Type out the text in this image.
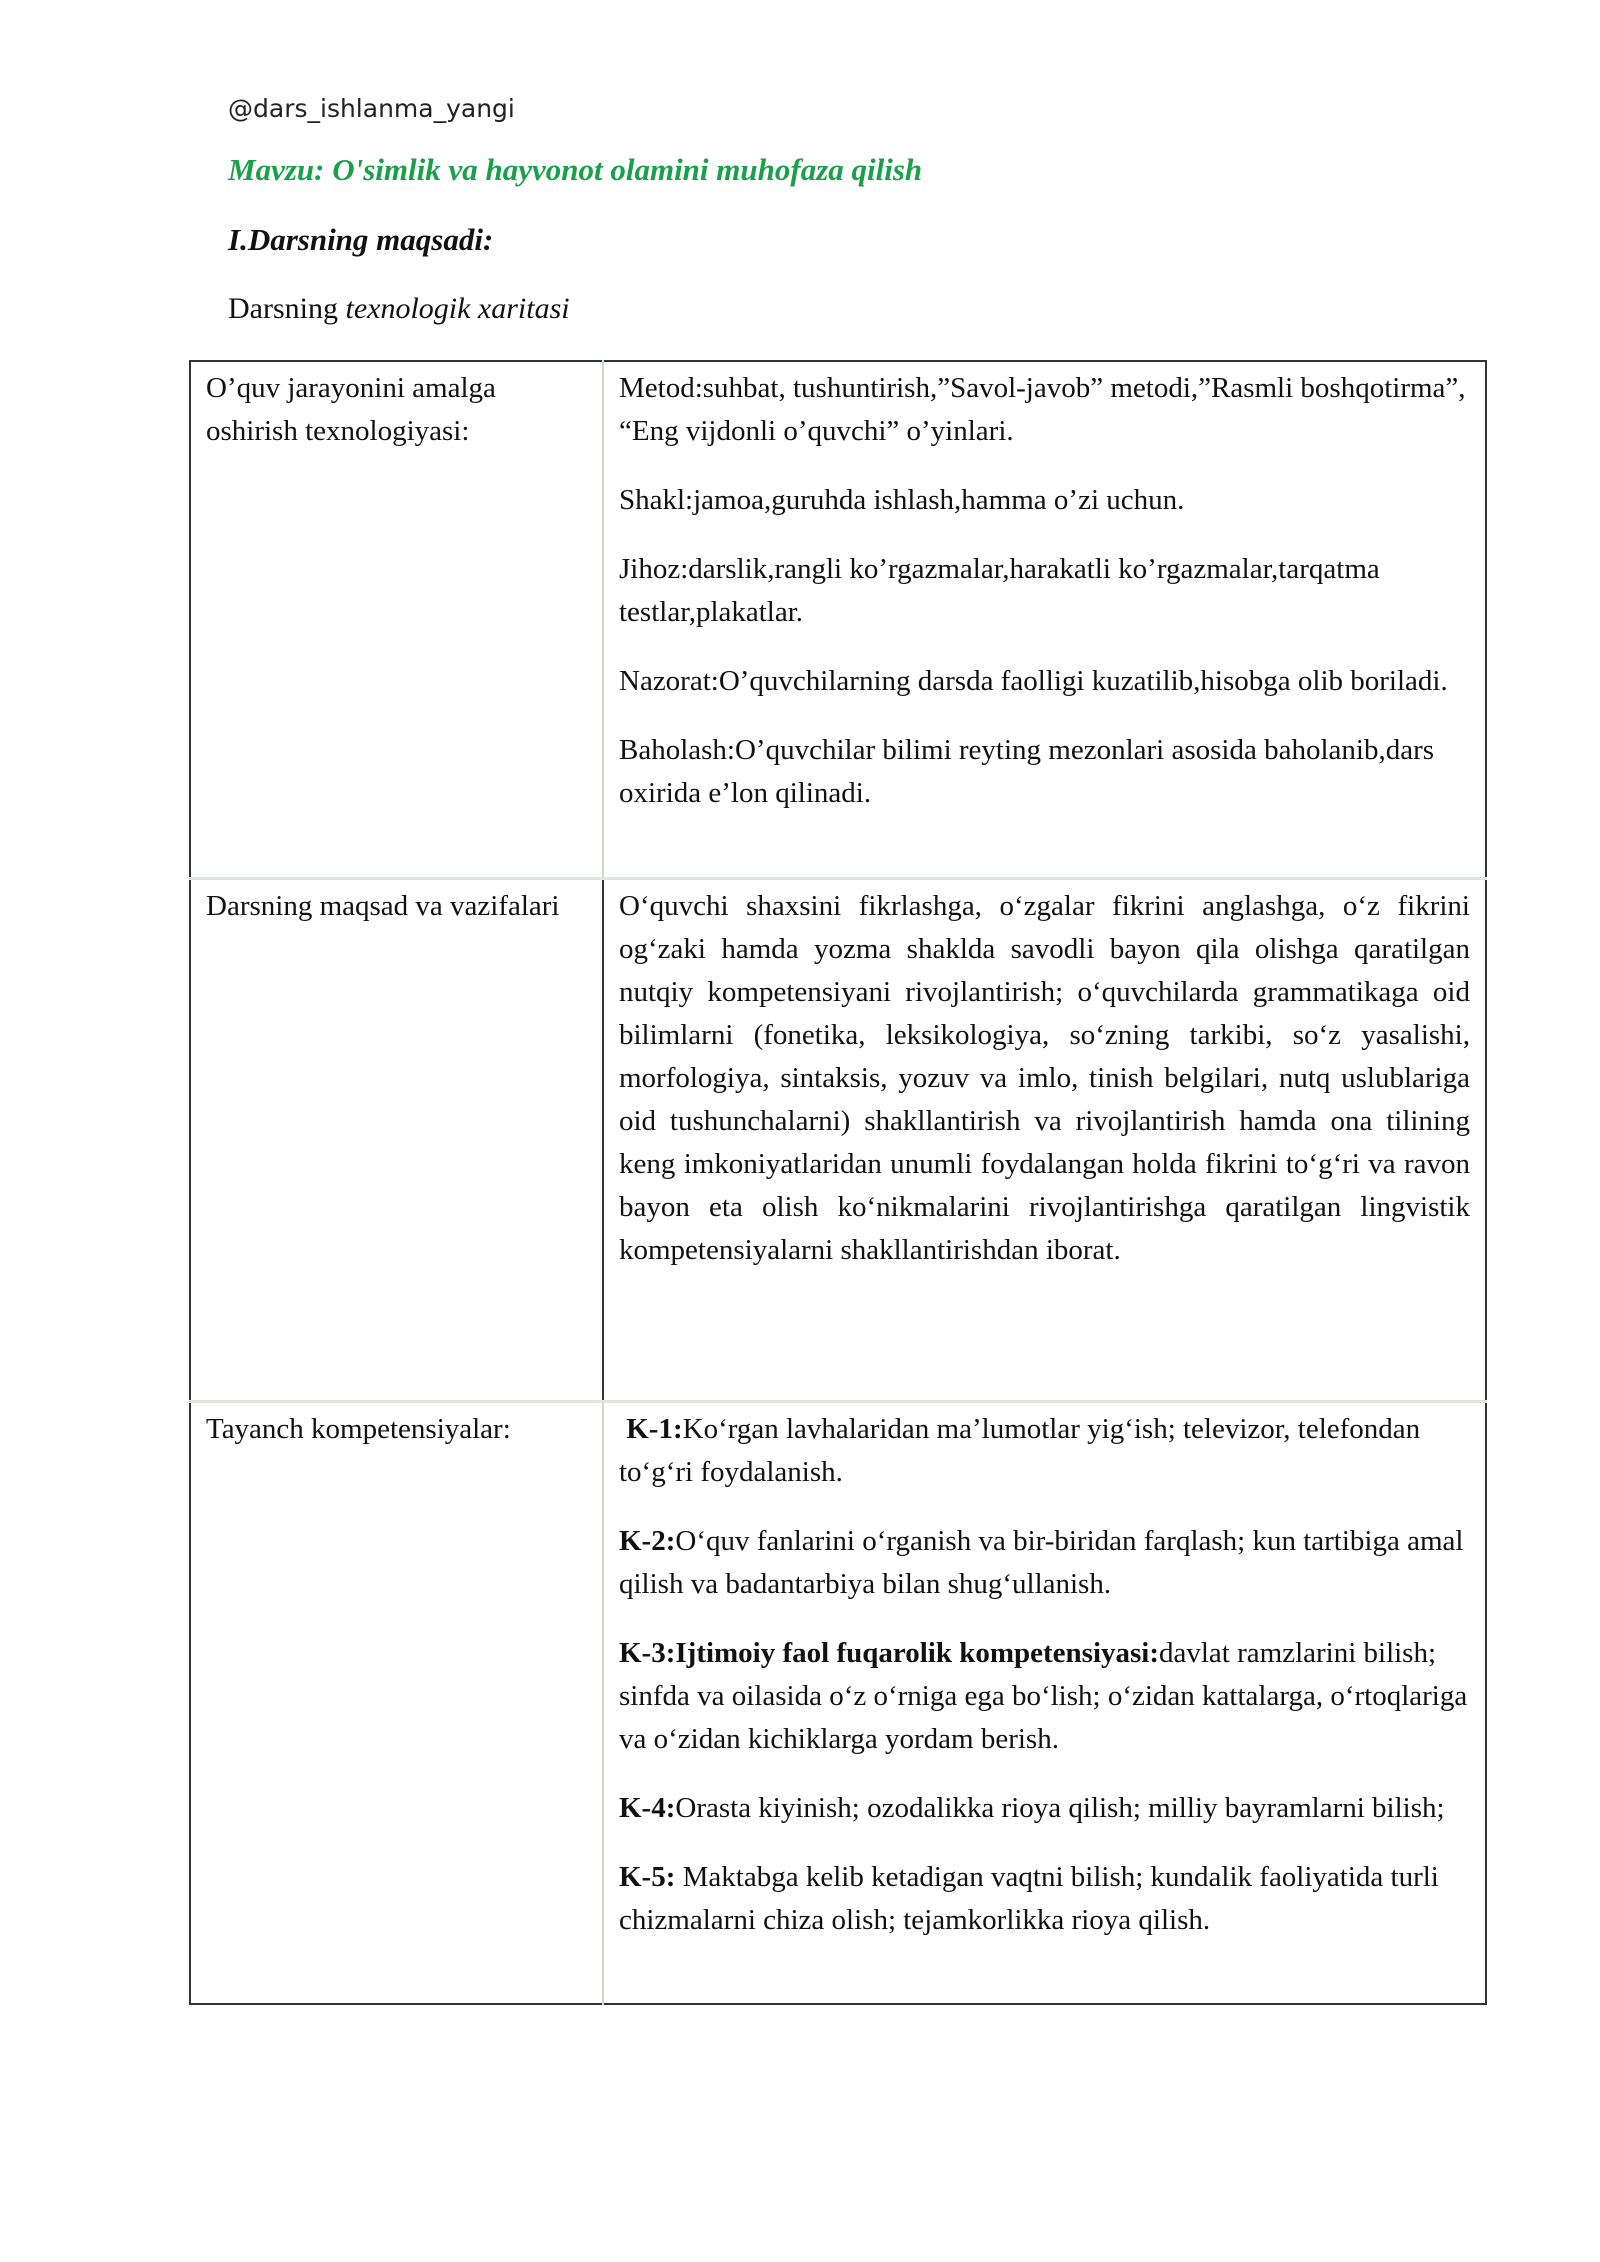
@dars_ishlanma_yangi
Mavzu: O'simlik va hayvonot olamini muhofaza qilish
I.Darsning maqsadi:
Darsning texnologik xaritasi
O’quv jarayonini amalga oshirish texnologiyasi:	Metod:suhbat, tushuntirish,”Savol-javob” metodi,”Rasmli boshqotirma”, “Eng vijdonli o’quvchi” o’yinlari.

Shakl:jamoa,guruhda ishlash,hamma o’zi uchun.

Jihoz:darslik,rangli ko’rgazmalar,harakatli ko’rgazmalar,tarqatma testlar,plakatlar.

Nazorat:O’quvchilarning darsda faolligi kuzatilib,hisobga olib boriladi.

Baholash:O’quvchilar bilimi reyting mezonlari asosida baholanib,dars oxirida e’lon qilinadi.

Darsning maqsad va vazifalari	O‘quvchi shaxsini fikrlashga, o‘zgalar fikrini anglashga, o‘z fikrini og‘zaki hamda yozma shaklda savodli bayon qila olishga qaratilgan nutqiy kompetensiyani rivojlantirish; o‘quvchilarda grammatikaga oid bilimlarni (fonetika, leksikologiya, so‘zning tarkibi, so‘z yasalishi, morfologiya, sintaksis, yozuv va imlo, tinish belgilari, nutq uslublariga oid tushunchalarni) shakllantirish va rivojlantirish hamda ona tilining keng imkoniyatlaridan unumli foydalangan holda fikrini to‘g‘ri va ravon bayon eta olish ko‘nikmalarini rivojlantirishga qaratilgan lingvistik kompetensiyalarni shakllantirishdan iborat.

Tayanch kompetensiyalar:	K-1:Ko‘rgan lavhalaridan ma’lumotlar yig‘ish; televizor, telefondan to‘g‘ri foydalanish.

K-2:O‘quv fanlarini o‘rganish va bir-biridan farqlash; kun tartibiga amal qilish va badantarbiya bilan shug‘ullanish.

K-3:Ijtimoiy faol fuqarolik kompetensiyasi:davlat ramzlarini bilish; sinfda va oilasida o‘z o‘rniga ega bo‘lish; o‘zidan kattalarga, o‘rtoqlariga va o‘zidan kichiklarga yordam berish.

K-4:Orasta kiyinish; ozodalikka rioya qilish; milliy bayramlarni bilish;

K-5: Maktabga kelib ketadigan vaqtni bilish; kundalik faoliyatida turli chizmalarni chiza olish; tejamkorlikka rioya qilish.
